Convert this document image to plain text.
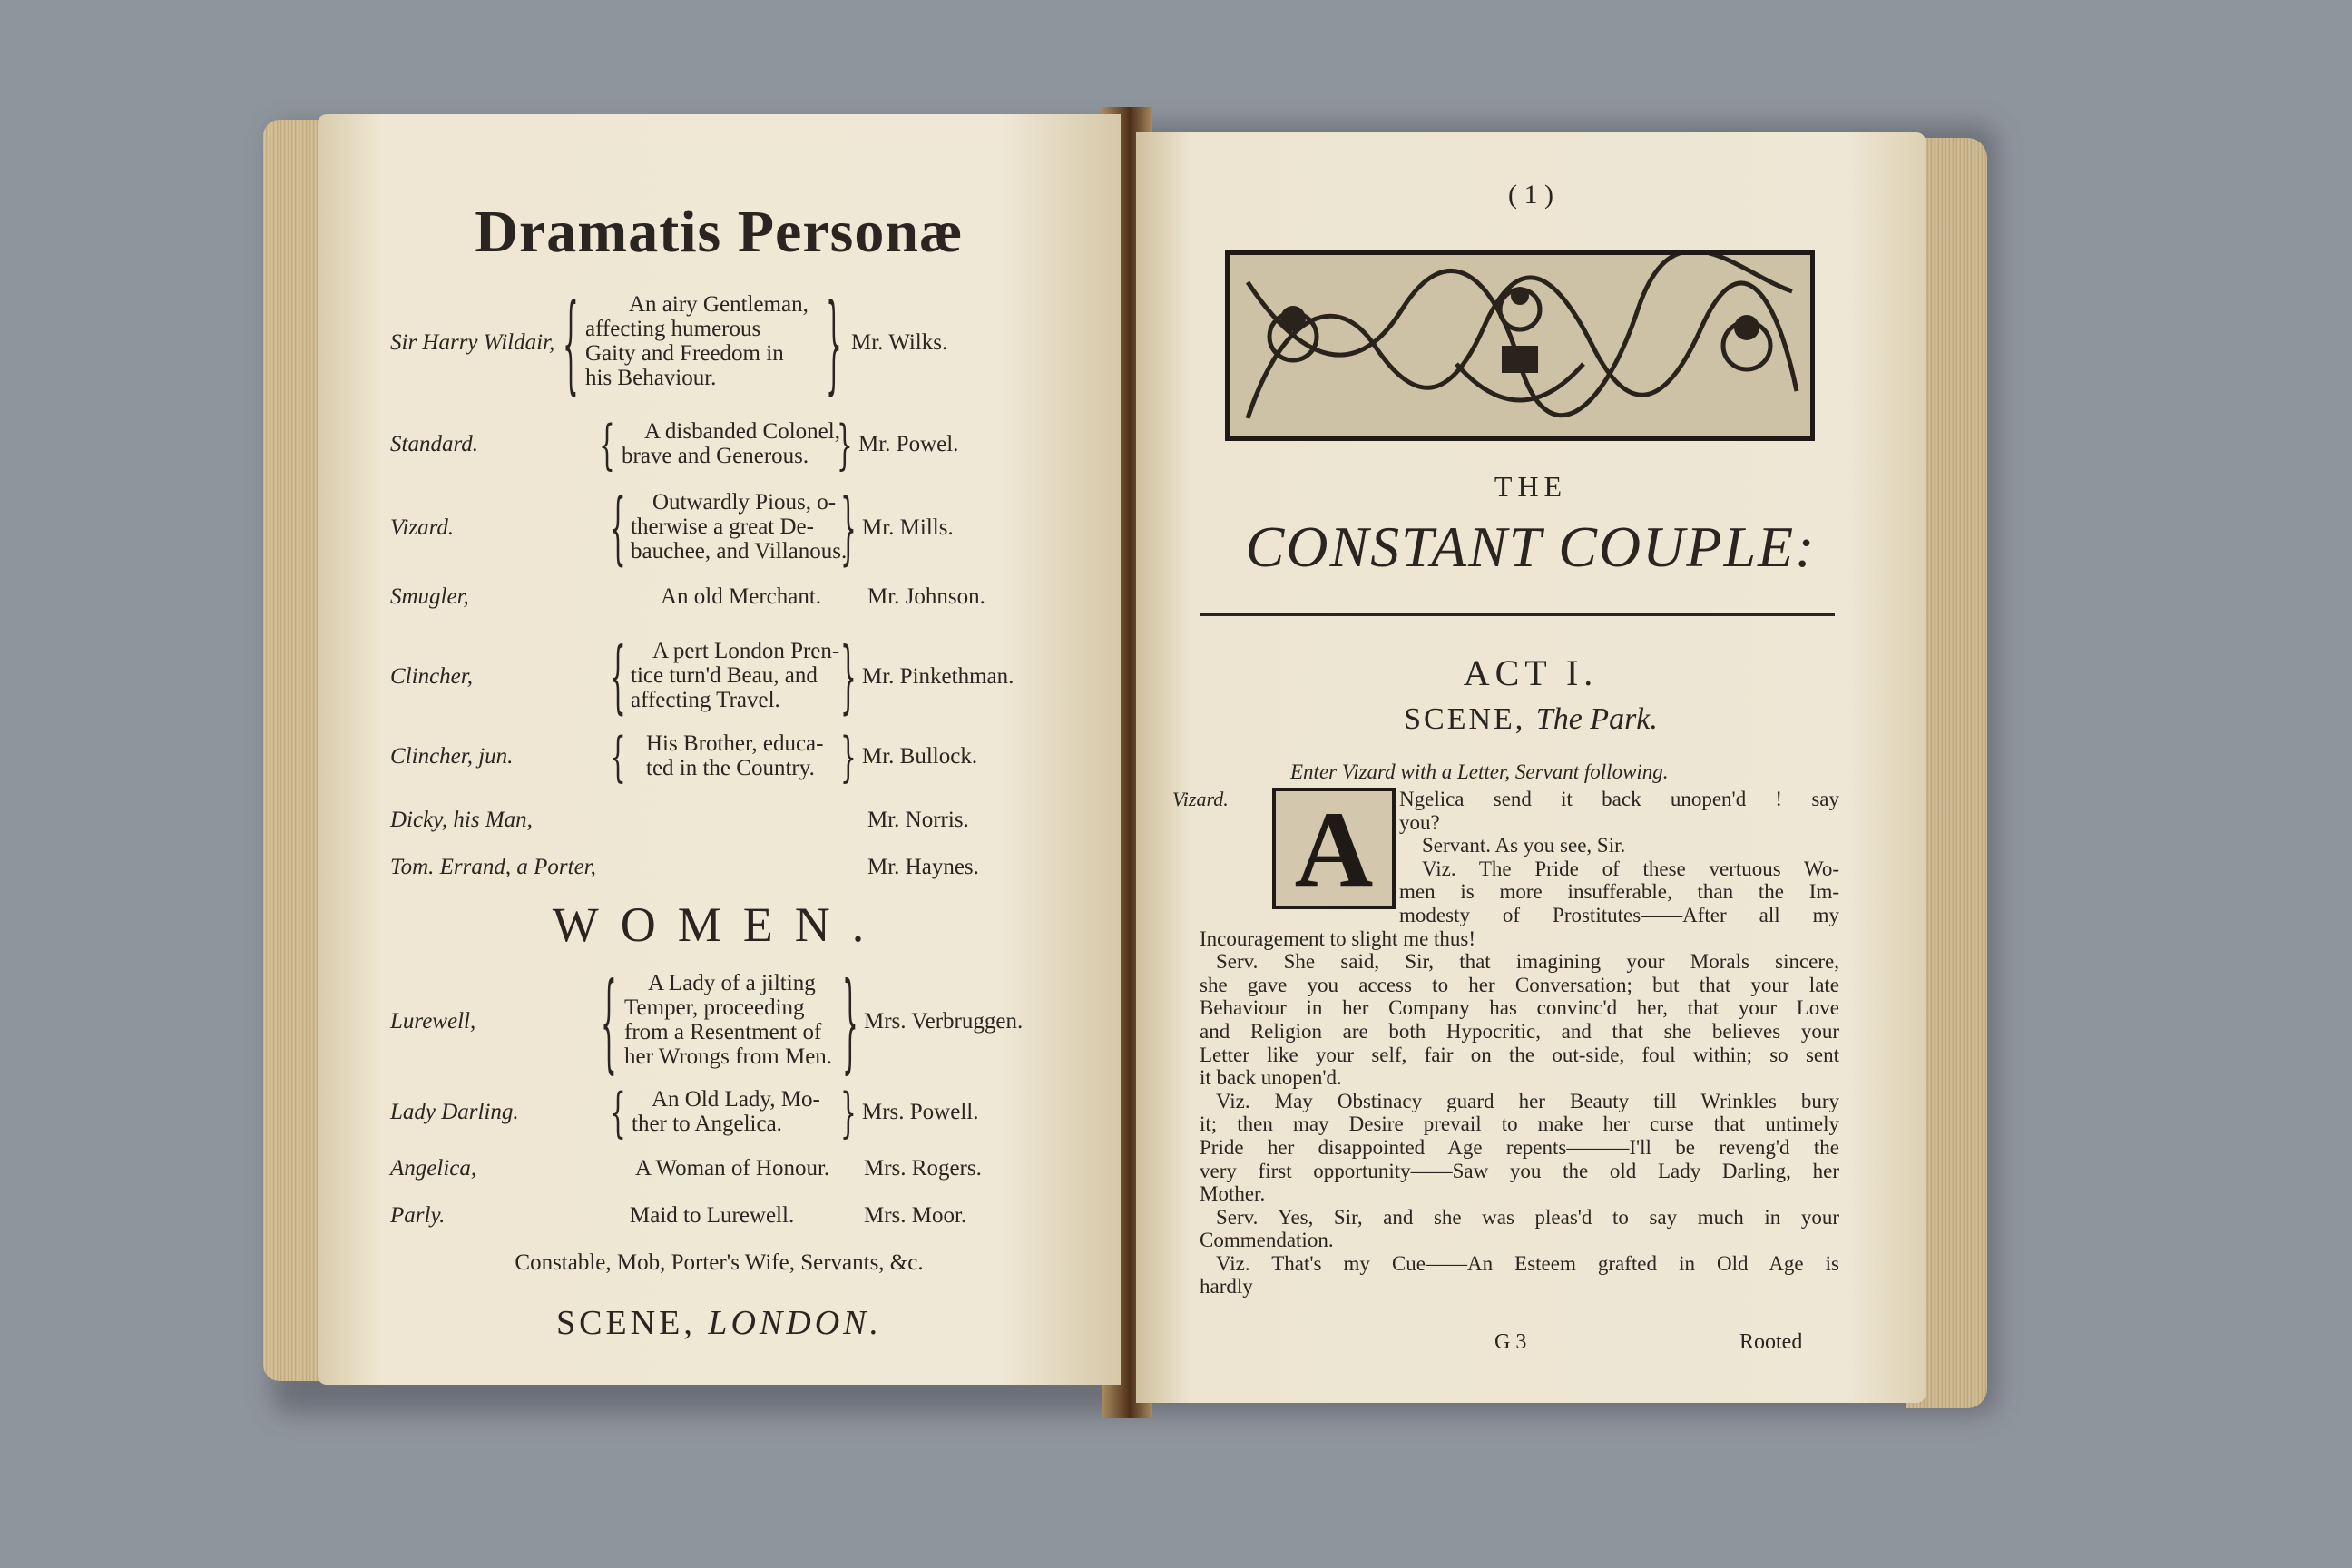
Dramatis Personæ
Sir Harry Wildair, {	An airy Gentleman,
affecting humerous
Gaity and Freedom in
his Behaviour.	} Mr. Wilks.
Standard.	{	A disbanded Colonel,
brave and Generous.	} Mr. Powel.
Vizard.	{	Outwardly Pious, o-
therwise a great De-
bauchee, and Villanous.
} Mr. Mills.
Smugler,	An old Merchant. Mr. Johnson.
Clincher,	{	A pert London Pren-
tice turn'd Beau, and
affecting Travel.	} Mr. Pinkethman.
Clincher, jun.	{ His Brother, educa-
ted in the Country.	} Mr. Bullock.
Dicky, his Man,	Mr. Norris.
Tom. Errand, a Porter,	Mr. Haynes.
WOMEN.
Lurewell,	{	A Lady of a jilting
Temper, proceeding
from a Resentment of
her Wrongs from Men. } Mrs. Verbruggen.
Lady Darling.	{	An Old Lady, Mo-
ther to Angelica.	} Mrs. Powell.
Angelica,	A Woman of Honour. Mrs. Rogers.
Parly.	Maid to Lurewell.	Mrs. Moor.
Constable, Mob, Porter's Wife, Servants, &c.
SCENE, LONDON.
( 1 )
THE
CONSTANT COUPLE:
ACT I.
SCENE, The Park.
Enter Vizard with a Letter, Servant following.
Vizard.	Ngelica send it back unopen'd ! say
you?
Servant. As you see, Sir.
Viz. The Pride of these vertuous Wo-
men is more insufferable, than the Im-
modesty of Prostitutes——After all my
Incouragement to slight me thus!
Serv. She said, Sir, that imagining your Morals sincere,
she gave you access to her Conversation; but that your late
Behaviour in her Company has convinc'd her, that your Love
and Religion are both Hypocritic, and that she believes your
Letter like your self, fair on the out-side, foul within; so sent
it back unopen'd.
Viz. May Obstinacy guard her Beauty till Wrinkles bury
it; then may Desire prevail to make her curse that untimely
Pride her disappointed Age repents———I'll be reveng'd the
very first opportunity——Saw you the old Lady Darling, her
Mother.
Serv. Yes, Sir, and she was pleas'd to say much in your
Commendation.
Viz. That's my Cue——An Esteem grafted in Old Age is
hardly
A
G 3	Rooted
